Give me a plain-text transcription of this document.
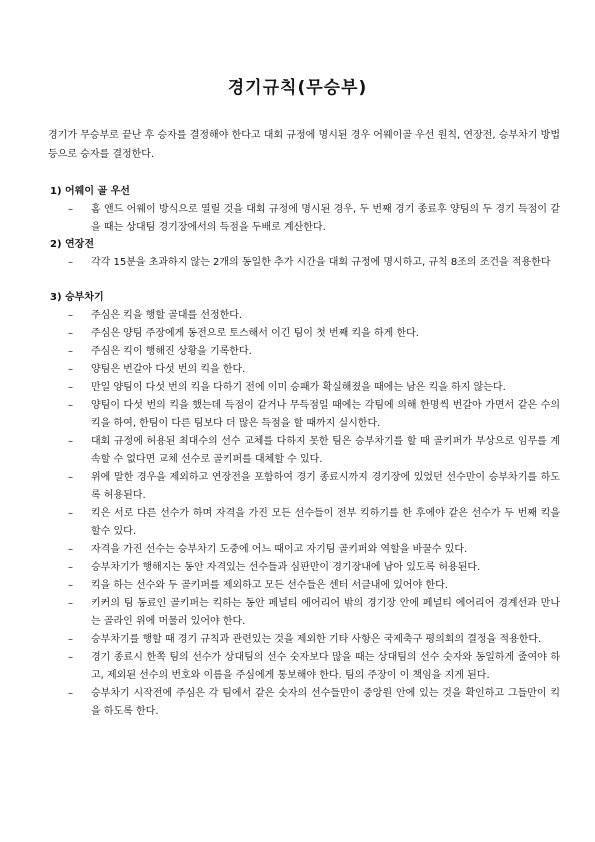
경기규칙(무승부)

경기가 무승부로 끝난 후 승자를 결정해야 한다고 대회 규정에 명시된 경우 어웨이골 우선 원칙, 연장전, 승부차기 방법 등으로 승자를 결정한다.

1) 어웨이 골 우선

– 홈 앤드 어웨이 방식으로 열릴 것을 대회 규정에 명시된 경우, 두 번째 경기 종료후 양팀의 두 경기 득점이 같을 때는 상대팀 경기장에서의 득점을 두배로 계산한다.

2) 연장전

– 각각 15분을 초과하지 않는 2개의 동일한 추가 시간을 대회 규정에 명시하고, 규칙 8조의 조건을 적용한다

3) 승부차기

– 주심은 킥을 행할 골대를 선정한다.
– 주심은 양팀 주장에게 동전으로 토스해서 이긴 팀이 첫 번째 킥을 하게 한다.
– 주심은 킥이 행해진 상황을 기록한다.
– 양팀은 번갈아 다섯 번의 킥을 한다.
– 만일 양팀이 다섯 번의 킥을 다하기 전에 이미 승패가 확실해졌을 때에는 남은 킥을 하지 않는다.
– 양팀이 다섯 번의 킥을 했는데 득점이 같거나 무득점일 때에는 각팀에 의해 한명씩 번갈아 가면서 같은 수의 킥을 하여, 한팀이 다른 팀보다 더 많은 득점을 할 때까지 실시한다.
– 대회 규정에 허용된 최대수의 선수 교체를 다하지 못한 팀은 승부차기를 할 때 골키퍼가 부상으로 임무를 계속할 수 없다면 교체 선수로 골키퍼를 대체할 수 있다.
– 위에 말한 경우을 제외하고 연장전을 포함하여 경기 종료시까지 경기장에 있었던 선수만이 승부차기를 하도록 허용된다.
– 킥은 서로 다른 선수가 하며 자격을 가진 모든 선수들이 전부 킥하기를 한 후에야 같은 선수가 두 번째 킥을 할수 있다.
– 자격을 가진 선수는 승부차기 도중에 어느 때이고 자기팀 골키퍼와 역할을 바꿀수 있다.
– 승부차기가 행해지는 동안 자격있는 선수들과 심판만이 경기장내에 남아 있도록 허용된다.
– 킥을 하는 선수와 두 골키퍼를 제외하고 모든 선수들은 센터 서클내에 있어야 한다.
– 키커의 팀 동료인 골키퍼는 킥하는 동안 페널티 에어리어 밖의 경기장 안에 페널티 에어리어 경계선과 만나는 골라인 위에 머물러 있어야 한다.
– 승부차기를 행할 때 경기 규칙과 관련있는 것을 제외한 기타 사항은 국제축구 평의회의 결정을 적용한다.
– 경기 종료시 한쪽 팀의 선수가 상대팀의 선수 숫자보다 많을 때는 상대팀의 선수 숫자와 동일하게 줄여야 하고, 제외된 선수의 번호와 이름을 주심에게 통보해야 한다. 팀의 주장이 이 책임을 지게 된다.
– 승부차기 시작전에 주심은 각 팀에서 같은 숫자의 선수들만이 중앙원 안에 있는 것을 확인하고 그들만이 킥을 하도록 한다.
